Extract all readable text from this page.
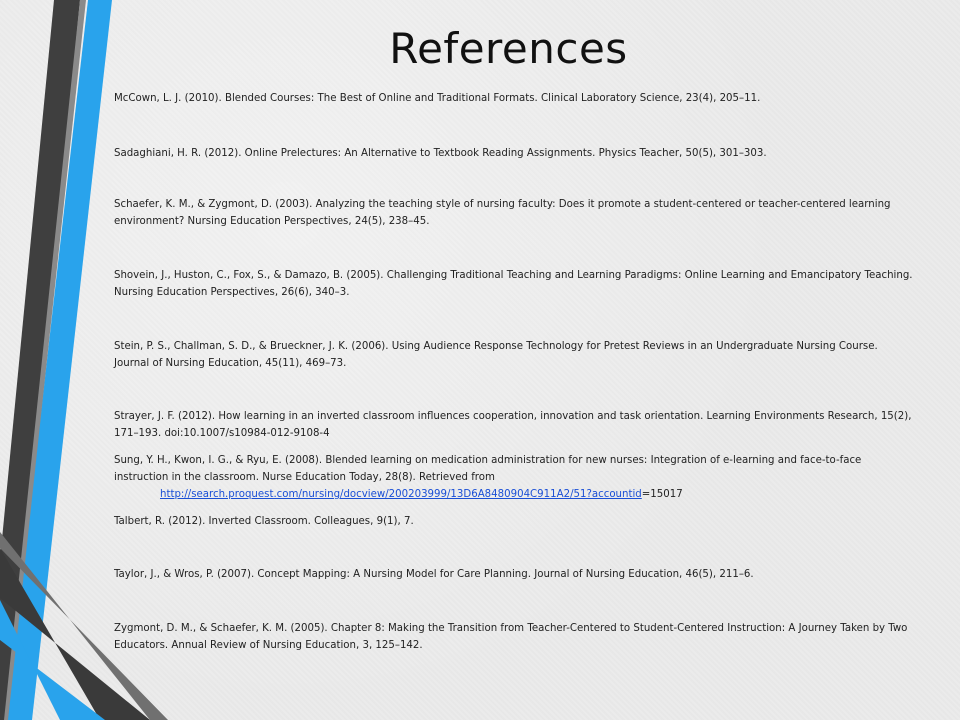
References
McCown, L. J. (2010). Blended Courses: The Best of Online and Traditional Formats. Clinical Laboratory Science, 23(4), 205–11.
Sadaghiani, H. R. (2012). Online Prelectures: An Alternative to Textbook Reading Assignments. Physics Teacher, 50(5), 301–303.
Schaefer, K. M., & Zygmont, D. (2003). Analyzing the teaching style of nursing faculty: Does it promote a student-centered or teacher-centered learning environment? Nursing Education Perspectives, 24(5), 238–45.
Shovein, J., Huston, C., Fox, S., & Damazo, B. (2005). Challenging Traditional Teaching and Learning Paradigms: Online Learning and Emancipatory Teaching. Nursing Education Perspectives, 26(6), 340–3.
Stein, P. S., Challman, S. D., & Brueckner, J. K. (2006). Using Audience Response Technology for Pretest Reviews in an Undergraduate Nursing Course. Journal of Nursing Education, 45(11), 469–73.
Strayer, J. F. (2012). How learning in an inverted classroom influences cooperation, innovation and task orientation. Learning Environments Research, 15(2), 171–193. doi:10.1007/s10984-012-9108-4
Sung, Y. H., Kwon, I. G., & Ryu, E. (2008). Blended learning on medication administration for new nurses: Integration of e-learning and face-to-face instruction in the classroom. Nurse Education Today, 28(8). Retrieved from
http://search.proquest.com/nursing/docview/200203999/13D6A8480904C911A2/51?accountid=15017
Talbert, R. (2012). Inverted Classroom. Colleagues, 9(1), 7.
Taylor, J., & Wros, P. (2007). Concept Mapping: A Nursing Model for Care Planning. Journal of Nursing Education, 46(5), 211–6.
Zygmont, D. M., & Schaefer, K. M. (2005). Chapter 8: Making the Transition from Teacher-Centered to Student-Centered Instruction: A Journey Taken by Two Educators. Annual Review of Nursing Education, 3, 125–142.
